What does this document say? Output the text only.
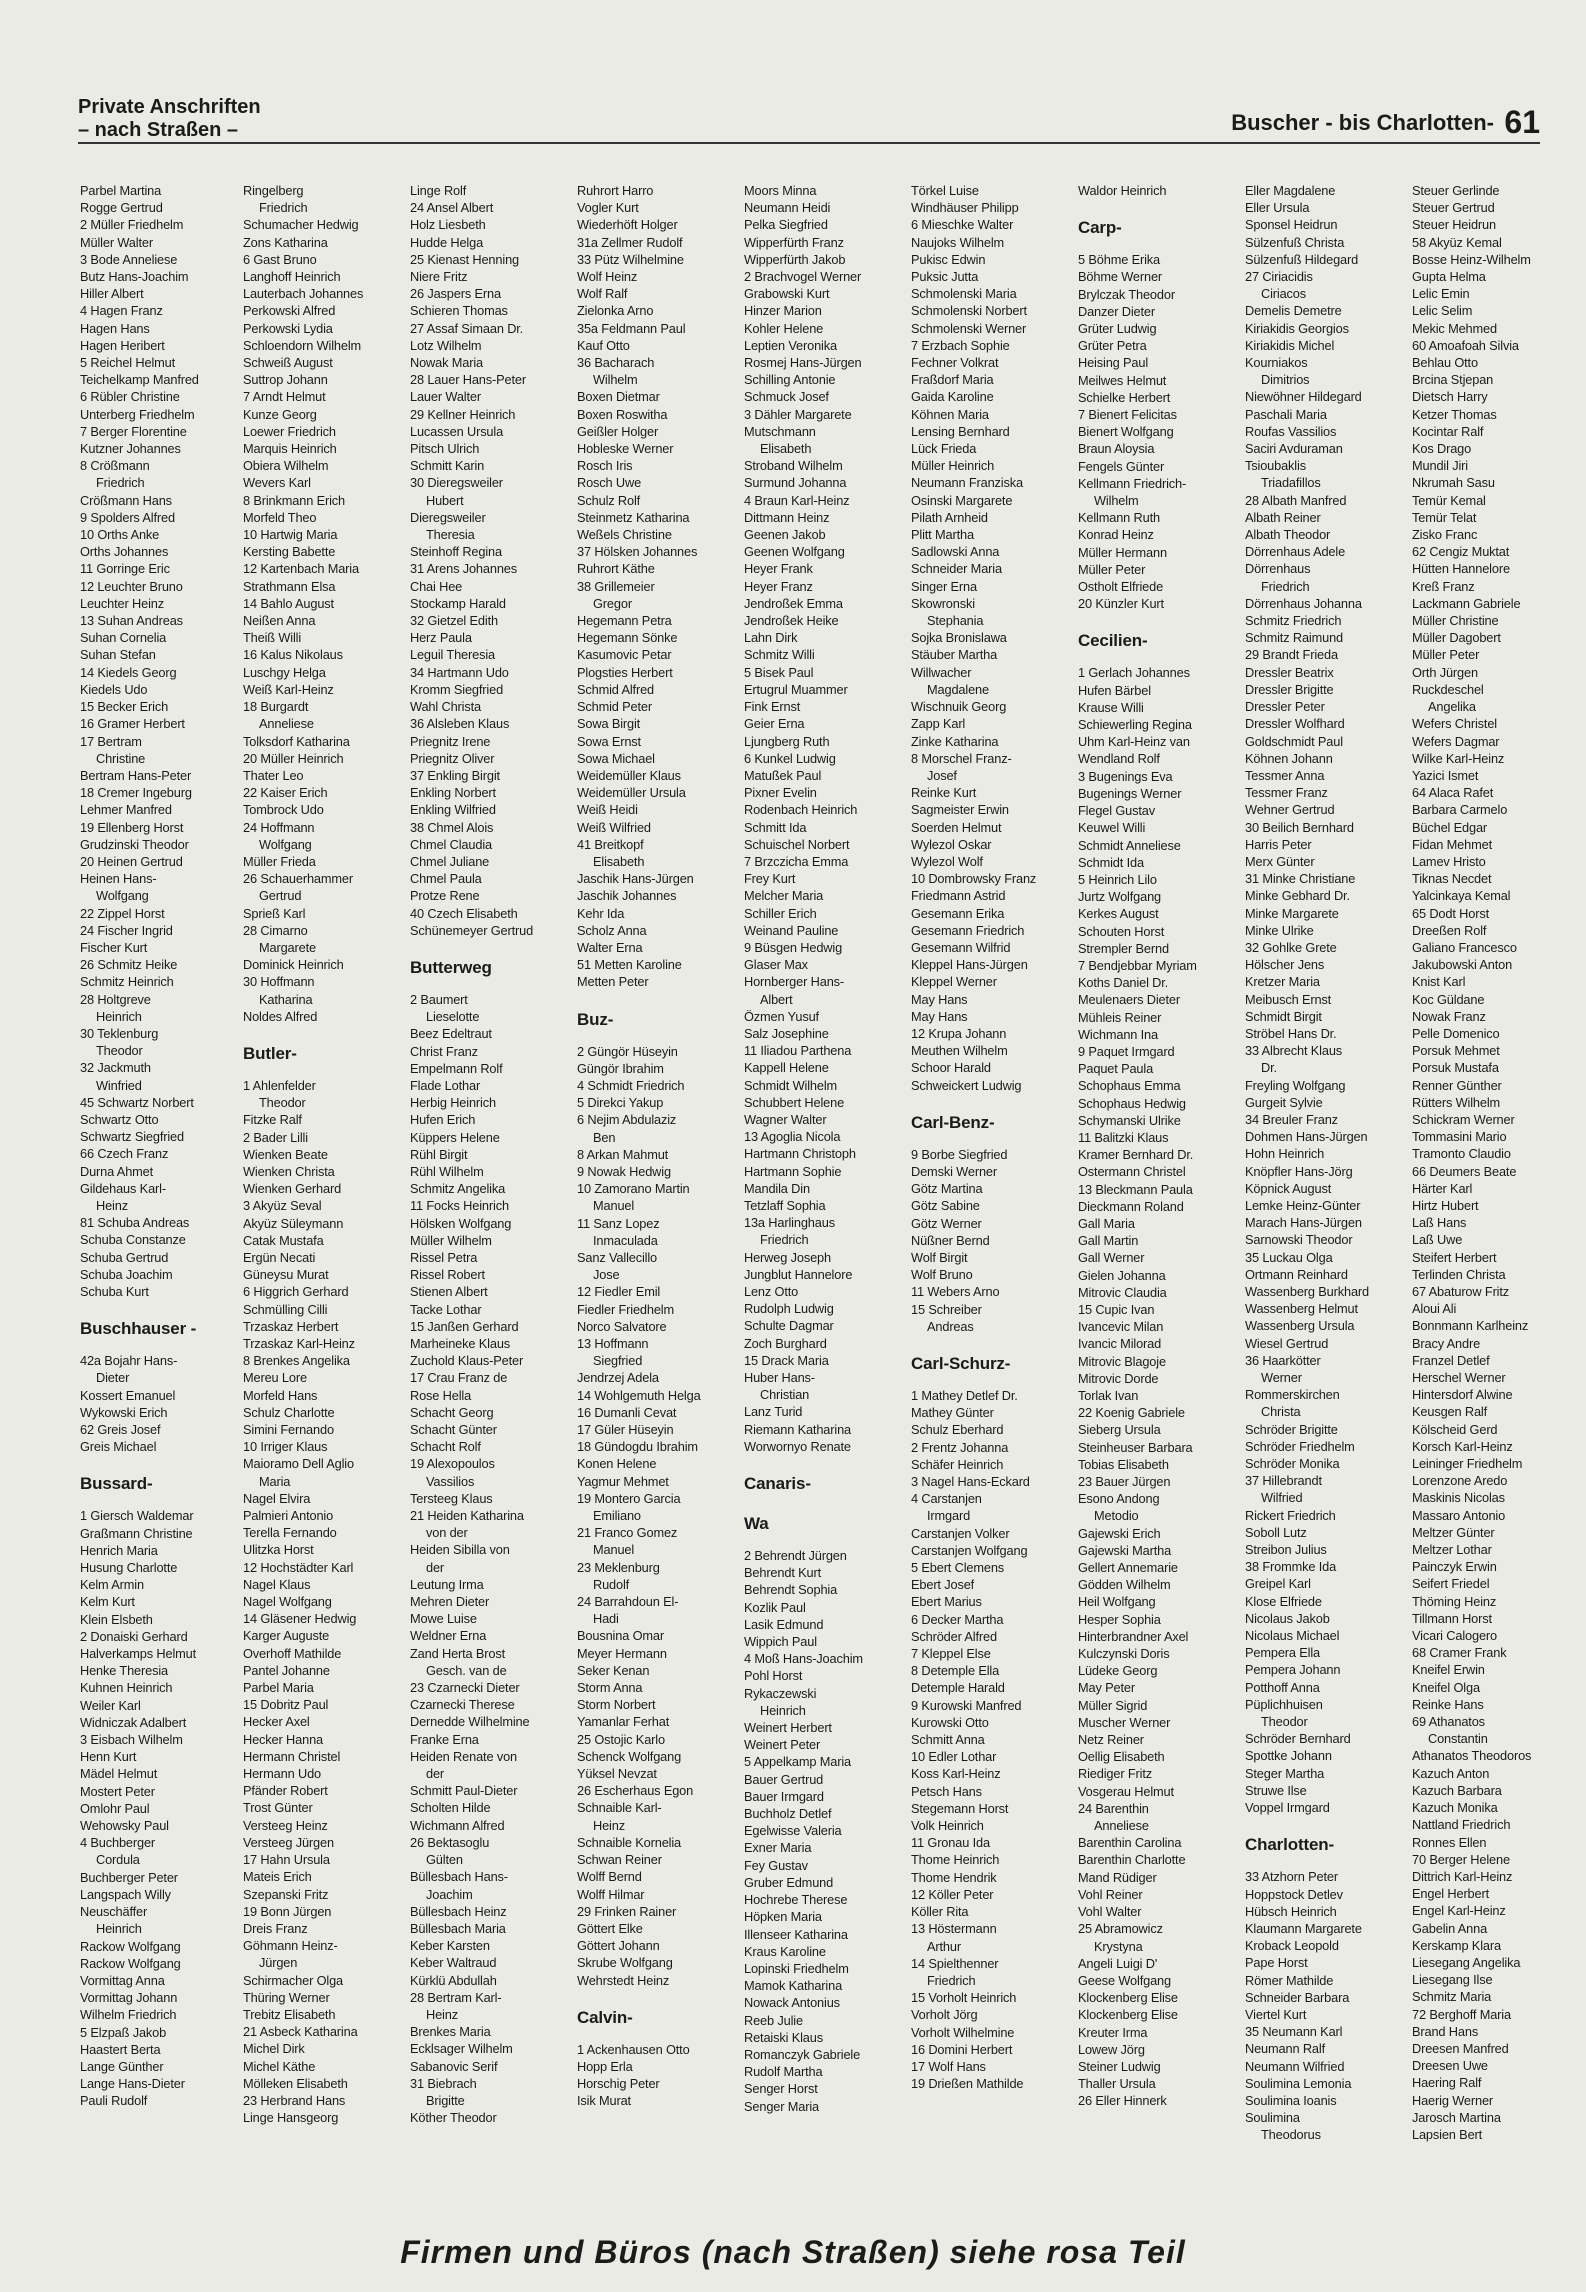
Private Anschriften
– nach Straßen –	Buscher - bis Charlotten- 61
Parbel Martina
Rogge Gertrud
2 Müller Friedhelm
Müller Walter
3 Bode Anneliese
Butz Hans-Joachim
Hiller Albert
4 Hagen Franz
Hagen Hans
Hagen Heribert
5 Reichel Helmut
Teichelkamp Manfred
6 Rübler Christine
Unterberg Friedhelm
7 Berger Florentine
Kutzner Johannes
8 Crößmann
Friedrich
Crößmann Hans
9 Spolders Alfred
10 Orths Anke
Orths Johannes
11 Gorringe Eric
12 Leuchter Bruno
Leuchter Heinz
13 Suhan Andreas
Suhan Cornelia
Suhan Stefan
14 Kiedels Georg
Kiedels Udo
15 Becker Erich
16 Gramer Herbert
17 Bertram
Christine
Bertram Hans-Peter
18 Cremer Ingeburg
Lehmer Manfred
19 Ellenberg Horst
Grudzinski Theodor
20 Heinen Gertrud
Heinen Hans-
Wolfgang
22 Zippel Horst
24 Fischer Ingrid
Fischer Kurt
26 Schmitz Heike
Schmitz Heinrich
28 Holtgreve
Heinrich
30 Teklenburg
Theodor
32 Jackmuth
Winfried
45 Schwartz Norbert
Schwartz Otto
Schwartz Siegfried
66 Czech Franz
Durna Ahmet
Gildehaus Karl-
Heinz
81 Schuba Andreas
Schuba Constanze
Schuba Gertrud
Schuba Joachim
Schuba Kurt
Buschhauser -
42a Bojahr Hans-
Dieter
Kossert Emanuel
Wykowski Erich
62 Greis Josef
Greis Michael
Bussard-
1 Giersch Waldemar
Graßmann Christine
Henrich Maria
Husung Charlotte
Kelm Armin
Kelm Kurt
Klein Elsbeth
2 Donaiski Gerhard
Halverkamps Helmut
Henke Theresia
Kuhnen Heinrich
Weiler Karl
Widniczak Adalbert
3 Eisbach Wilhelm
Henn Kurt
Mädel Helmut
Mostert Peter
Omlohr Paul
Wehowsky Paul
4 Buchberger
Cordula
Buchberger Peter
Langspach Willy
Neuschäffer
Heinrich
Rackow Wolfgang
Rackow Wolfgang
Vormittag Anna
Vormittag Johann
Wilhelm Friedrich
5 Elzpaß Jakob
Haastert Berta
Lange Günther
Lange Hans-Dieter
Pauli Rudolf
Ringelberg
Friedrich
Schumacher Hedwig
Zons Katharina
6 Gast Bruno
Langhoff Heinrich
Lauterbach Johannes
Perkowski Alfred
Perkowski Lydia
Schloendorn Wilhelm
Schweiß August
Suttrop Johann
7 Arndt Helmut
Kunze Georg
Loewer Friedrich
Marquis Heinrich
Obiera Wilhelm
Wevers Karl
8 Brinkmann Erich
Morfeld Theo
10 Hartwig Maria
Kersting Babette
12 Kartenbach Maria
Strathmann Elsa
14 Bahlo August
Neißen Anna
Theiß Willi
16 Kalus Nikolaus
Luschgy Helga
Weiß Karl-Heinz
18 Burgardt
Anneliese
Tolksdorf Katharina
20 Müller Heinrich
Thater Leo
22 Kaiser Erich
Tombrock Udo
24 Hoffmann
Wolfgang
Müller Frieda
26 Schauerhammer
Gertrud
Sprieß Karl
28 Cimarno
Margarete
Dominick Heinrich
30 Hoffmann
Katharina
Noldes Alfred
Butler-
1 Ahlenfelder
Theodor
Fitzke Ralf
2 Bader Lilli
Wienken Beate
Wienken Christa
Wienken Gerhard
3 Akyüz Seval
Akyüz Süleymann
Catak Mustafa
Ergün Necati
Güneysu Murat
6 Higgrich Gerhard
Schmülling Cilli
Trzaskaz Herbert
Trzaskaz Karl-Heinz
8 Brenkes Angelika
Mereu Lore
Morfeld Hans
Schulz Charlotte
Simini Fernando
10 Irriger Klaus
Maioramo Dell Aglio
Maria
Nagel Elvira
Palmieri Antonio
Terella Fernando
Ulitzka Horst
12 Hochstädter Karl
Nagel Klaus
Nagel Wolfgang
14 Gläsener Hedwig
Karger Auguste
Overhoff Mathilde
Pantel Johanne
Parbel Maria
15 Dobritz Paul
Hecker Axel
Hecker Hanna
Hermann Christel
Hermann Udo
Pfänder Robert
Trost Günter
Versteeg Heinz
Versteeg Jürgen
17 Hahn Ursula
Mateis Erich
Szepanski Fritz
19 Bonn Jürgen
Dreis Franz
Göhmann Heinz-
Jürgen
Schirmacher Olga
Thüring Werner
Trebitz Elisabeth
21 Asbeck Katharina
Michel Dirk
Michel Käthe
Mölleken Elisabeth
23 Herbrand Hans
Linge Hansgeorg
Linge Rolf
24 Ansel Albert
Holz Liesbeth
Hudde Helga
25 Kienast Henning
Niere Fritz
26 Jaspers Erna
Schieren Thomas
27 Assaf Simaan Dr.
Lotz Wilhelm
Nowak Maria
28 Lauer Hans-Peter
Lauer Walter
29 Kellner Heinrich
Lucassen Ursula
Pitsch Ulrich
Schmitt Karin
30 Dieregsweiler
Hubert
Dieregsweiler
Theresia
Steinhoff Regina
31 Arens Johannes
Chai Hee
Stockamp Harald
32 Gietzel Edith
Herz Paula
Leguil Theresia
34 Hartmann Udo
Kromm Siegfried
Wahl Christa
36 Alsleben Klaus
Priegnitz Irene
Priegnitz Oliver
37 Enkling Birgit
Enkling Norbert
Enkling Wilfried
38 Chmel Alois
Chmel Claudia
Chmel Juliane
Chmel Paula
Protze Rene
40 Czech Elisabeth
Schünemeyer Gertrud
Butterweg
2 Baumert
Lieselotte
Beez Edeltraut
Christ Franz
Empelmann Rolf
Flade Lothar
Herbig Heinrich
Hufen Erich
Küppers Helene
Rühl Birgit
Rühl Wilhelm
Schmitz Angelika
11 Focks Heinrich
Hölsken Wolfgang
Müller Wilhelm
Rissel Petra
Rissel Robert
Stienen Albert
Tacke Lothar
15 Janßen Gerhard
Marheineke Klaus
Zuchold Klaus-Peter
17 Crau Franz de
Rose Hella
Schacht Georg
Schacht Günter
Schacht Rolf
19 Alexopoulos
Vassilios
Tersteeg Klaus
21 Heiden Katharina
von der
Heiden Sibilla von
der
Leutung Irma
Mehren Dieter
Mowe Luise
Weldner Erna
Zand Herta Brost
Gesch. van de
23 Czarnecki Dieter
Czarnecki Therese
Dernedde Wilhelmine
Franke Erna
Heiden Renate von
der
Schmitt Paul-Dieter
Scholten Hilde
Wichmann Alfred
26 Bektasoglu
Gülten
Büllesbach Hans-
Joachim
Büllesbach Heinz
Büllesbach Maria
Keber Karsten
Keber Waltraud
Kürklü Abdullah
28 Bertram Karl-
Heinz
Brenkes Maria
Ecklsager Wilhelm
Sabanovic Serif
31 Biebrach
Brigitte
Köther Theodor
Ruhrort Harro
Vogler Kurt
Wiederhöft Holger
31a Zellmer Rudolf
33 Pütz Wilhelmine
Wolf Heinz
Wolf Ralf
Zielonka Arno
35a Feldmann Paul
Kauf Otto
36 Bacharach
Wilhelm
Boxen Dietmar
Boxen Roswitha
Geißler Holger
Hobleske Werner
Rosch Iris
Rosch Uwe
Schulz Rolf
Steinmetz Katharina
Weßels Christine
37 Hölsken Johannes
Ruhrort Käthe
38 Grillemeier
Gregor
Hegemann Petra
Hegemann Sönke
Kasumovic Petar
Plogsties Herbert
Schmid Alfred
Schmid Peter
Sowa Birgit
Sowa Ernst
Sowa Michael
Weidemüller Klaus
Weidemüller Ursula
Weiß Heidi
Weiß Wilfried
41 Breitkopf
Elisabeth
Jaschik Hans-Jürgen
Jaschik Johannes
Kehr Ida
Scholz Anna
Walter Erna
51 Metten Karoline
Metten Peter
Buz-
2 Güngör Hüseyin
Güngör Ibrahim
4 Schmidt Friedrich
5 Direkci Yakup
6 Nejim Abdulaziz
Ben
8 Arkan Mahmut
9 Nowak Hedwig
10 Zamorano Martin
Manuel
11 Sanz Lopez
Inmaculada
Sanz Vallecillo
Jose
12 Fiedler Emil
Fiedler Friedhelm
Norco Salvatore
13 Hoffmann
Siegfried
Jendrzej Adela
14 Wohlgemuth Helga
16 Dumanli Cevat
17 Güler Hüseyin
18 Gündogdu Ibrahim
Konen Helene
Yagmur Mehmet
19 Montero Garcia
Emiliano
21 Franco Gomez
Manuel
23 Meklenburg
Rudolf
24 Barrahdoun El-
Hadi
Bousnina Omar
Meyer Hermann
Seker Kenan
Storm Anna
Storm Norbert
Yamanlar Ferhat
25 Ostojic Karlo
Schenck Wolfgang
Yüksel Nevzat
26 Escherhaus Egon
Schnaible Karl-
Heinz
Schnaible Kornelia
Schwan Reiner
Wolff Bernd
Wolff Hilmar
29 Frinken Rainer
Göttert Elke
Göttert Johann
Skrube Wolfgang
Wehrstedt Heinz
Calvin-
1 Ackenhausen Otto
Hopp Erla
Horschig Peter
Isik Murat
Moors Minna
Neumann Heidi
Pelka Siegfried
Wipperfürth Franz
Wipperfürth Jakob
2 Brachvogel Werner
Grabowski Kurt
Hinzer Marion
Kohler Helene
Leptien Veronika
Rosmej Hans-Jürgen
Schilling Antonie
Schmuck Josef
3 Dähler Margarete
Mutschmann
Elisabeth
Stroband Wilhelm
Surmund Johanna
4 Braun Karl-Heinz
Dittmann Heinz
Geenen Jakob
Geenen Wolfgang
Heyer Frank
Heyer Franz
Jendroßek Emma
Jendroßek Heike
Lahn Dirk
Schmitz Willi
5 Bisek Paul
Ertugrul Muammer
Fink Ernst
Geier Erna
Ljungberg Ruth
6 Kunkel Ludwig
Matußek Paul
Pixner Evelin
Rodenbach Heinrich
Schmitt Ida
Schuischel Norbert
7 Brzczicha Emma
Frey Kurt
Melcher Maria
Schiller Erich
Weinand Pauline
9 Büsgen Hedwig
Glaser Max
Hornberger Hans-
Albert
Özmen Yusuf
Salz Josephine
11 Iliadou Parthena
Kappell Helene
Schmidt Wilhelm
Schubbert Helene
Wagner Walter
13 Agoglia Nicola
Hartmann Christoph
Hartmann Sophie
Mandila Din
Tetzlaff Sophia
13a Harlinghaus
Friedrich
Herweg Joseph
Jungblut Hannelore
Lenz Otto
Rudolph Ludwig
Schulte Dagmar
Zoch Burghard
15 Drack Maria
Huber Hans-
Christian
Lanz Turid
Riemann Katharina
Worwornyo Renate
Canaris-
Wa
2 Behrendt Jürgen
Behrendt Kurt
Behrendt Sophia
Kozlik Paul
Lasik Edmund
Wippich Paul
4 Moß Hans-Joachim
Pohl Horst
Rykaczewski
Heinrich
Weinert Herbert
Weinert Peter
5 Appelkamp Maria
Bauer Gertrud
Bauer Irmgard
Buchholz Detlef
Egelwisse Valeria
Exner Maria
Fey Gustav
Gruber Edmund
Hochrebe Therese
Höpken Maria
Illenseer Katharina
Kraus Karoline
Lopinski Friedhelm
Mamok Katharina
Nowack Antonius
Reeb Julie
Retaiski Klaus
Romanczyk Gabriele
Rudolf Martha
Senger Horst
Senger Maria
Törkel Luise
Windhäuser Philipp
6 Mieschke Walter
Naujoks Wilhelm
Pukisc Edwin
Puksic Jutta
Schmolenski Maria
Schmolenski Norbert
Schmolenski Werner
7 Erzbach Sophie
Fechner Volkrat
Fraßdorf Maria
Gaida Karoline
Köhnen Maria
Lensing Bernhard
Lück Frieda
Müller Heinrich
Neumann Franziska
Osinski Margarete
Pilath Arnheid
Plitt Martha
Sadlowski Anna
Schneider Maria
Singer Erna
Skowronski
Stephania
Sojka Bronislawa
Stäuber Martha
Willwacher
Magdalene
Wischnuik Georg
Zapp Karl
Zinke Katharina
8 Morschel Franz-
Josef
Reinke Kurt
Sagmeister Erwin
Soerden Helmut
Wylezol Oskar
Wylezol Wolf
10 Dombrowsky Franz
Friedmann Astrid
Gesemann Erika
Gesemann Friedrich
Gesemann Wilfrid
Kleppel Hans-Jürgen
Kleppel Werner
May Hans
May Hans
12 Krupa Johann
Meuthen Wilhelm
Schoor Harald
Schweickert Ludwig
Carl-Benz-
9 Borbe Siegfried
Demski Werner
Götz Martina
Götz Sabine
Götz Werner
Nüßner Bernd
Wolf Birgit
Wolf Bruno
11 Webers Arno
15 Schreiber
Andreas
Carl-Schurz-
1 Mathey Detlef Dr.
Mathey Günter
Schulz Eberhard
2 Frentz Johanna
Schäfer Heinrich
3 Nagel Hans-Eckard
4 Carstanjen
Irmgard
Carstanjen Volker
Carstanjen Wolfgang
5 Ebert Clemens
Ebert Josef
Ebert Marius
6 Decker Martha
Schröder Alfred
7 Kleppel Else
8 Detemple Ella
Detemple Harald
9 Kurowski Manfred
Kurowski Otto
Schmitt Anna
10 Edler Lothar
Koss Karl-Heinz
Petsch Hans
Stegemann Horst
Volk Heinrich
11 Gronau Ida
Thome Heinrich
Thome Hendrik
12 Köller Peter
Köller Rita
13 Höstermann
Arthur
14 Spielthenner
Friedrich
15 Vorholt Heinrich
Vorholt Jörg
Vorholt Wilhelmine
16 Domini Herbert
17 Wolf Hans
19 Drießen Mathilde
Waldor Heinrich
Carp-
5 Böhme Erika
Böhme Werner
Brylczak Theodor
Danzer Dieter
Grüter Ludwig
Grüter Petra
Heising Paul
Meilwes Helmut
Schielke Herbert
7 Bienert Felicitas
Bienert Wolfgang
Braun Aloysia
Fengels Günter
Kellmann Friedrich-
Wilhelm
Kellmann Ruth
Konrad Heinz
Müller Hermann
Müller Peter
Ostholt Elfriede
20 Künzler Kurt
Cecilien-
1 Gerlach Johannes
Hufen Bärbel
Krause Willi
Schiewerling Regina
Uhm Karl-Heinz van
Wendland Rolf
3 Bugenings Eva
Bugenings Werner
Flegel Gustav
Keuwel Willi
Schmidt Anneliese
Schmidt Ida
5 Heinrich Lilo
Jurtz Wolfgang
Kerkes August
Schouten Horst
Strempler Bernd
7 Bendjebbar Myriam
Koths Daniel Dr.
Meulenaers Dieter
Mühleis Reiner
Wichmann Ina
9 Paquet Irmgard
Paquet Paula
Schophaus Emma
Schophaus Hedwig
Schymanski Ulrike
11 Balitzki Klaus
Kramer Bernhard Dr.
Ostermann Christel
13 Bleckmann Paula
Dieckmann Roland
Gall Maria
Gall Martin
Gall Werner
Gielen Johanna
Mitrovic Claudia
15 Cupic Ivan
Ivancevic Milan
Ivancic Milorad
Mitrovic Blagoje
Mitrovic Dorde
Torlak Ivan
22 Koenig Gabriele
Sieberg Ursula
Steinheuser Barbara
Tobias Elisabeth
23 Bauer Jürgen
Esono Andong
Metodio
Gajewski Erich
Gajewski Martha
Gellert Annemarie
Gödden Wilhelm
Heil Wolfgang
Hesper Sophia
Hinterbrandner Axel
Kulczynski Doris
Lüdeke Georg
May Peter
Müller Sigrid
Muscher Werner
Netz Reiner
Oellig Elisabeth
Riediger Fritz
Vosgerau Helmut
24 Barenthin
Anneliese
Barenthin Carolina
Barenthin Charlotte
Mand Rüdiger
Vohl Reiner
Vohl Walter
25 Abramowicz
Krystyna
Angeli Luigi D'
Geese Wolfgang
Klockenberg Elise
Klockenberg Elise
Kreuter Irma
Lowew Jörg
Steiner Ludwig
Thaller Ursula
26 Eller Hinnerk
Eller Magdalene
Eller Ursula
Sponsel Heidrun
Sülzenfuß Christa
Sülzenfuß Hildegard
27 Ciriacidis
Ciriacos
Demelis Demetre
Kiriakidis Georgios
Kiriakidis Michel
Kourniakos
Dimitrios
Niewöhner Hildegard
Paschali Maria
Roufas Vassilios
Saciri Avduraman
Tsioubaklis
Triadafillos
28 Albath Manfred
Albath Reiner
Albath Theodor
Dörrenhaus Adele
Dörrenhaus
Friedrich
Dörrenhaus Johanna
Schmitz Friedrich
Schmitz Raimund
29 Brandt Frieda
Dressler Beatrix
Dressler Brigitte
Dressler Peter
Dressler Wolfhard
Goldschmidt Paul
Köhnen Johann
Tessmer Anna
Tessmer Franz
Wehner Gertrud
30 Beilich Bernhard
Harris Peter
Merx Günter
31 Minke Christiane
Minke Gebhard Dr.
Minke Margarete
Minke Ulrike
32 Gohlke Grete
Hölscher Jens
Kretzer Maria
Meibusch Ernst
Schmidt Birgit
Ströbel Hans Dr.
33 Albrecht Klaus
Dr.
Freyling Wolfgang
Gurgeit Sylvie
34 Breuler Franz
Dohmen Hans-Jürgen
Hohn Heinrich
Knöpfler Hans-Jörg
Köpnick August
Lemke Heinz-Günter
Marach Hans-Jürgen
Sarnowski Theodor
35 Luckau Olga
Ortmann Reinhard
Wassenberg Burkhard
Wassenberg Helmut
Wassenberg Ursula
Wiesel Gertrud
36 Haarkötter
Werner
Rommerskirchen
Christa
Schröder Brigitte
Schröder Friedhelm
Schröder Monika
37 Hillebrandt
Wilfried
Rickert Friedrich
Soboll Lutz
Streibon Julius
38 Frommke Ida
Greipel Karl
Klose Elfriede
Nicolaus Jakob
Nicolaus Michael
Pempera Ella
Pempera Johann
Potthoff Anna
Püplichhuisen
Theodor
Schröder Bernhard
Spottke Johann
Steger Martha
Struwe Ilse
Voppel Irmgard
Charlotten-
33 Atzhorn Peter
Hoppstock Detlev
Hübsch Heinrich
Klaumann Margarete
Kroback Leopold
Pape Horst
Römer Mathilde
Schneider Barbara
Viertel Kurt
35 Neumann Karl
Neumann Ralf
Neumann Wilfried
Soulimina Lemonia
Soulimina Ioanis
Soulimina
Theodorus
Steuer Gerlinde
Steuer Gertrud
Steuer Heidrun
58 Akyüz Kemal
Bosse Heinz-Wilhelm
Gupta Helma
Lelic Emin
Lelic Selim
Mekic Mehmed
60 Amoafoah Silvia
Behlau Otto
Brcina Stjepan
Dietsch Harry
Ketzer Thomas
Kocintar Ralf
Kos Drago
Mundil Jiri
Nkrumah Sasu
Temür Kemal
Temür Telat
Zisko Franc
62 Cengiz Muktat
Hütten Hannelore
Kreß Franz
Lackmann Gabriele
Müller Christine
Müller Dagobert
Müller Peter
Orth Jürgen
Ruckdeschel
Angelika
Wefers Christel
Wefers Dagmar
Wilke Karl-Heinz
Yazici Ismet
64 Alaca Rafet
Barbara Carmelo
Büchel Edgar
Fidan Mehmet
Lamev Hristo
Tiknas Necdet
Yalcinkaya Kemal
65 Dodt Horst
Dreeßen Rolf
Galiano Francesco
Jakubowski Anton
Knist Karl
Koc Güldane
Nowak Franz
Pelle Domenico
Porsuk Mehmet
Porsuk Mustafa
Renner Günther
Rütters Wilhelm
Schickram Werner
Tommasini Mario
Tramonto Claudio
66 Deumers Beate
Härter Karl
Hirtz Hubert
Laß Hans
Laß Uwe
Steifert Herbert
Terlinden Christa
67 Abaturow Fritz
Aloui Ali
Bonnmann Karlheinz
Bracy Andre
Franzel Detlef
Herschel Werner
Hintersdorf Alwine
Keusgen Ralf
Kölscheid Gerd
Korsch Karl-Heinz
Leininger Friedhelm
Lorenzone Aredo
Maskinis Nicolas
Massaro Antonio
Meltzer Günter
Meltzer Lothar
Painczyk Erwin
Seifert Friedel
Thöming Heinz
Tillmann Horst
Vicari Calogero
68 Cramer Frank
Kneifel Erwin
Kneifel Olga
Reinke Hans
69 Athanatos
Constantin
Athanatos Theodoros
Kazuch Anton
Kazuch Barbara
Kazuch Monika
Nattland Friedrich
Ronnes Ellen
70 Berger Helene
Dittrich Karl-Heinz
Engel Herbert
Engel Karl-Heinz
Gabelin Anna
Kerskamp Klara
Liesegang Angelika
Liesegang Ilse
Schmitz Maria
72 Berghoff Maria
Brand Hans
Dreesen Manfred
Dreesen Uwe
Haering Ralf
Haerig Werner
Jarosch Martina
Lapsien Bert
Firmen und Büros (nach Straßen) siehe rosa Teil
